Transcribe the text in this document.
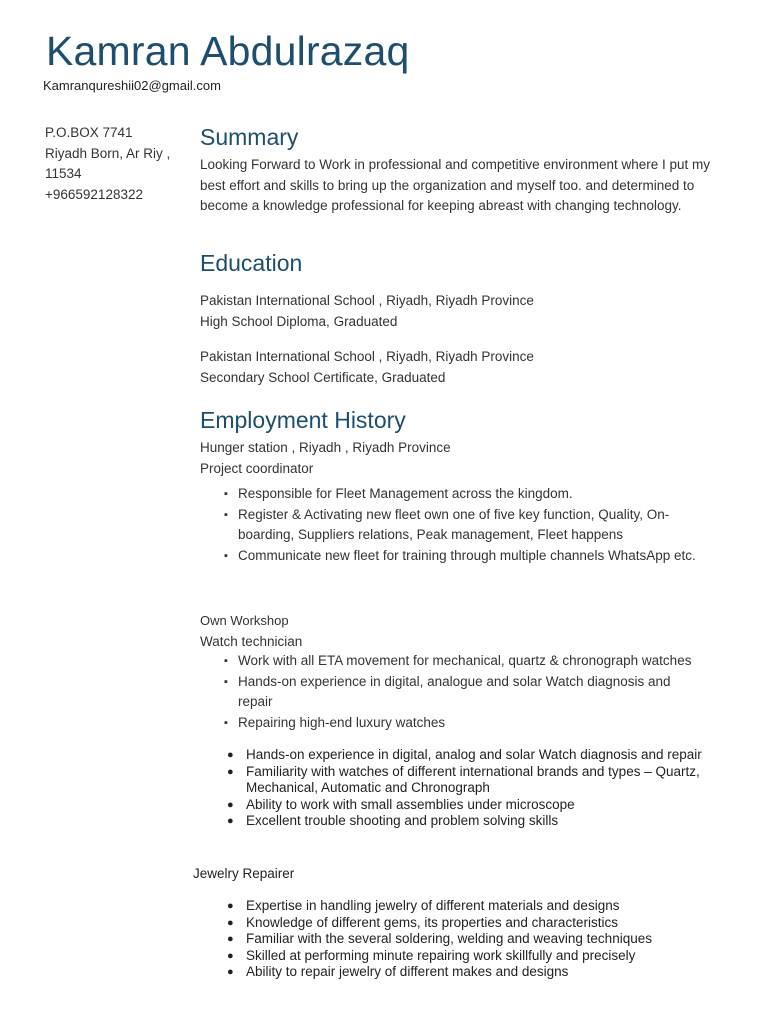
Kamran Abdulrazaq
Kamranqureshii02@gmail.com
P.O.BOX 7741
Riyadh Born, Ar Riy ,
11534
+966592128322
Summary
Looking Forward to Work in professional and competitive environment where I put my best effort and skills to bring up the organization and myself too. and determined to become a knowledge professional for keeping abreast with changing technology.
Education
Pakistan International School , Riyadh, Riyadh Province
High School Diploma, Graduated
Pakistan International School , Riyadh, Riyadh Province
Secondary School Certificate, Graduated
Employment History
Hunger station , Riyadh , Riyadh Province
Project coordinator
▪ Responsible for Fleet Management across the kingdom.
▪ Register & Activating new fleet own one of five key function, Quality, On-boarding, Suppliers relations, Peak management, Fleet happens
▪ Communicate new fleet for training through multiple channels WhatsApp etc.
Own Workshop
Watch technician
▪ Work with all ETA movement for mechanical, quartz & chronograph watches
▪ Hands-on experience in digital, analogue and solar Watch diagnosis and repair
▪ Repairing high-end luxury watches
● Hands-on experience in digital, analog and solar Watch diagnosis and repair
● Familiarity with watches of different international brands and types – Quartz, Mechanical, Automatic and Chronograph
● Ability to work with small assemblies under microscope
● Excellent trouble shooting and problem solving skills
Jewelry Repairer
● Expertise in handling jewelry of different materials and designs
● Knowledge of different gems, its properties and characteristics
● Familiar with the several soldering, welding and weaving techniques
● Skilled at performing minute repairing work skillfully and precisely
● Ability to repair jewelry of different makes and designs
